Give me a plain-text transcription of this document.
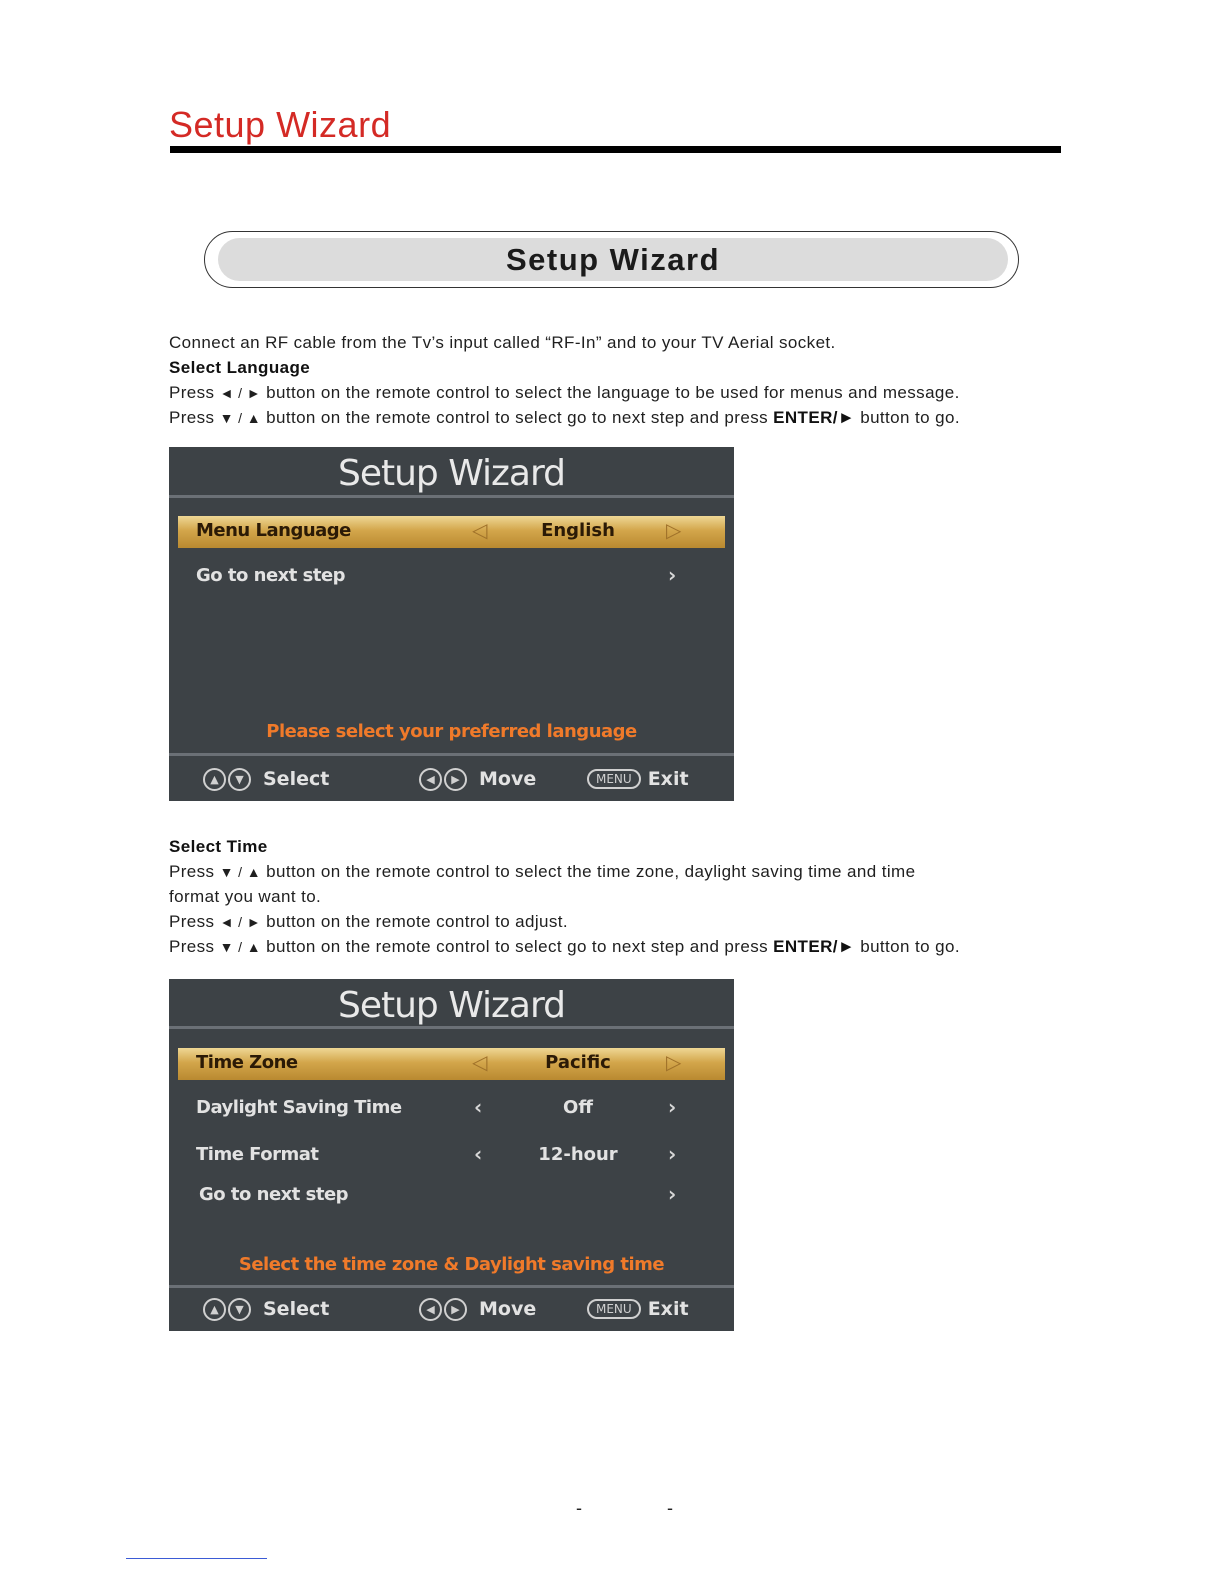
Setup Wizard
Setup Wizard
Connect an RF cable from the Tv’s input called “RF-In” and to your TV Aerial socket.
Select Language
Press ◄ / ► button on the remote control to select the language to be used for menus and message.
Press ▼ / ▲ button on the remote control to select go to next step and press ENTER/► button to go.
Setup Wizard
Menu Language	◁	English	▷
Go to next step	›
Please select your preferred language
▲	▼	Select	◀	▶	Move	MENU Exit
Select Time
Press ▼ / ▲ button on the remote control to select the time zone, daylight saving time and time
format you want to.
Press ◄ / ► button on the remote control to adjust.
Press ▼ / ▲ button on the remote control to select go to next step and press ENTER/► button to go.
Setup Wizard
Time Zone	◁	Pacific	▷
Daylight Saving Time	‹	Off	›
Time Format	‹	12-hour	›
Go to next step	›
Select the time zone & Daylight saving time
▲	▼	Select	◀	▶	Move	MENU Exit
- -
